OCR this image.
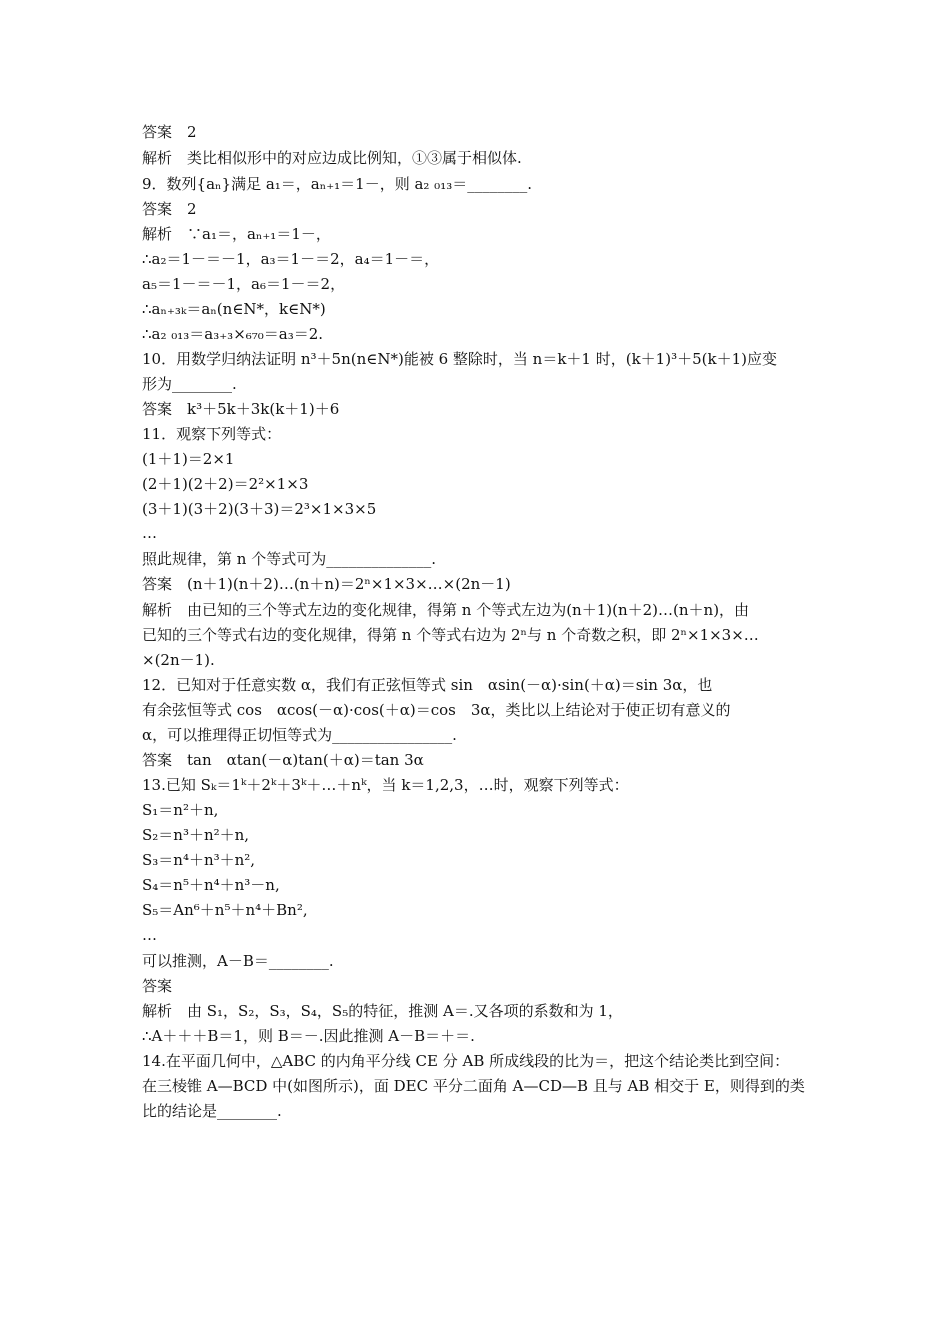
答案　2
解析　类比相似形中的对应边成比例知，①③属于相似体.
9．数列{aₙ}满足 a₁＝，aₙ₊₁＝1－，则 a₂ ₀₁₃＝________.
答案　2
解析　∵a₁＝，aₙ₊₁＝1－，
∴a₂＝1－＝－1，a₃＝1－＝2，a₄＝1－＝，
a₅＝1－＝－1，a₆＝1－＝2，
∴aₙ₊₃ₖ＝aₙ(n∈N*，k∈N*)
∴a₂ ₀₁₃＝a₃₊₃×₆₇₀＝a₃＝2.
10．用数学归纳法证明 n³＋5n(n∈N*)能被 6 整除时，当 n＝k＋1 时，(k＋1)³＋5(k＋1)应变
形为________.
答案　k³＋5k＋3k(k＋1)＋6
11．观察下列等式：
(1＋1)＝2×1
(2＋1)(2＋2)＝2²×1×3
(3＋1)(3＋2)(3＋3)＝2³×1×3×5
…
照此规律，第 n 个等式可为______________.
答案　(n＋1)(n＋2)…(n＋n)＝2ⁿ×1×3×…×(2n－1)
解析　由已知的三个等式左边的变化规律，得第 n 个等式左边为(n＋1)(n＋2)…(n＋n)，由
已知的三个等式右边的变化规律，得第 n 个等式右边为 2ⁿ与 n 个奇数之积，即 2ⁿ×1×3×…
×(2n－1).
12．已知对于任意实数 α，我们有正弦恒等式 sin　αsin(－α)·sin(＋α)＝sin 3α，也
有余弦恒等式 cos　αcos(－α)·cos(＋α)＝cos　3α，类比以上结论对于使正切有意义的
α，可以推理得正切恒等式为________________.
答案　tan　αtan(－α)tan(＋α)＝tan 3α
13.已知 Sₖ＝1ᵏ＋2ᵏ＋3ᵏ＋…＋nᵏ，当 k＝1,2,3，…时，观察下列等式：
S₁＝n²＋n,
S₂＝n³＋n²＋n,
S₃＝n⁴＋n³＋n²,
S₄＝n⁵＋n⁴＋n³－n,
S₅＝An⁶＋n⁵＋n⁴＋Bn²,
…
可以推测，A－B＝________.
答案
解析　由 S₁，S₂，S₃，S₄，S₅的特征，推测 A＝.又各项的系数和为 1，
∴A＋＋＋B＝1，则 B＝－.因此推测 A－B＝＋＝.
14.在平面几何中，△ABC 的内角平分线 CE 分 AB 所成线段的比为＝，把这个结论类比到空间：
在三棱锥 A—BCD 中(如图所示)，面 DEC 平分二面角 A—CD—B 且与 AB 相交于 E，则得到的类
比的结论是________.
